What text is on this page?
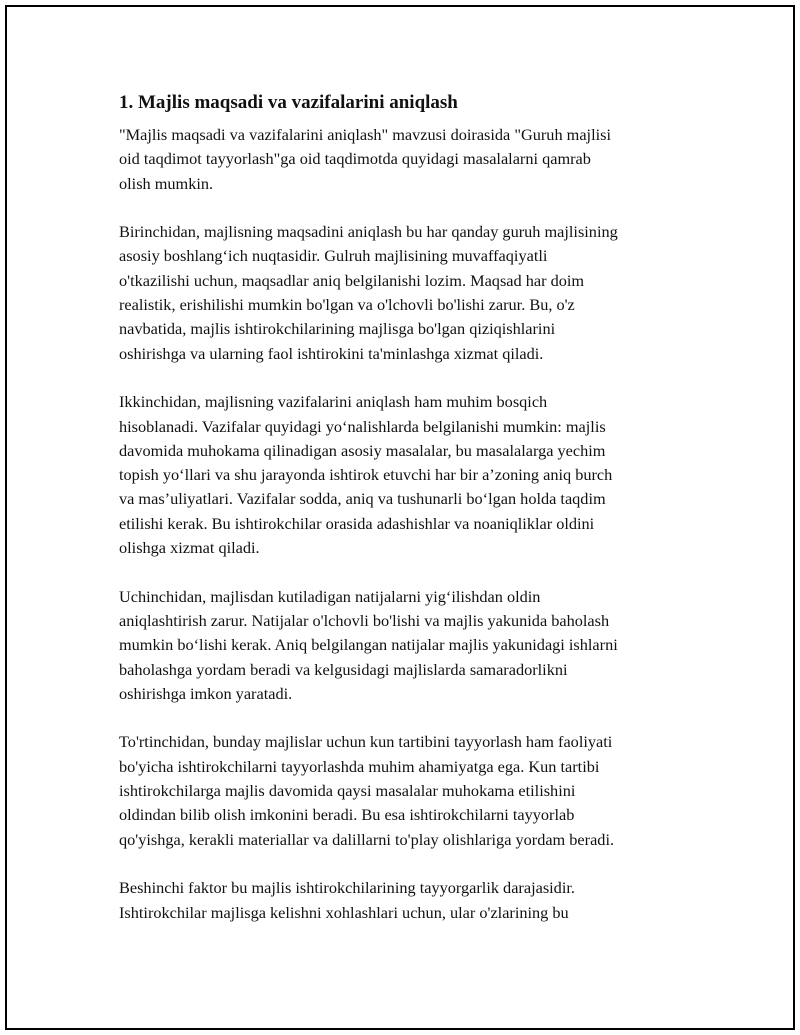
1. Majlis maqsadi va vazifalarini aniqlash

"Majlis maqsadi va vazifalarini aniqlash" mavzusi doirasida "Guruh majlisi
oid taqdimot tayyorlash"ga oid taqdimotda quyidagi masalalarni qamrab
olish mumkin.

Birinchidan, majlisning maqsadini aniqlash bu har qanday guruh majlisining
asosiy boshlang‘ich nuqtasidir. Gulruh majlisining muvaffaqiyatli
o'tkazilishi uchun, maqsadlar aniq belgilanishi lozim. Maqsad har doim
realistik, erishilishi mumkin bo'lgan va o'lchovli bo'lishi zarur. Bu, o'z
navbatida, majlis ishtirokchilarining majlisga bo'lgan qiziqishlarini
oshirishga va ularning faol ishtirokini ta'minlashga xizmat qiladi.

Ikkinchidan, majlisning vazifalarini aniqlash ham muhim bosqich
hisoblanadi. Vazifalar quyidagi yo‘nalishlarda belgilanishi mumkin: majlis
davomida muhokama qilinadigan asosiy masalalar, bu masalalarga yechim
topish yo‘llari va shu jarayonda ishtirok etuvchi har bir a’zoning aniq burch
va mas’uliyatlari. Vazifalar sodda, aniq va tushunarli bo‘lgan holda taqdim
etilishi kerak. Bu ishtirokchilar orasida adashishlar va noaniqliklar oldini
olishga xizmat qiladi.

Uchinchidan, majlisdan kutiladigan natijalarni yig‘ilishdan oldin
aniqlashtirish zarur. Natijalar o'lchovli bo'lishi va majlis yakunida baholash
mumkin bo‘lishi kerak. Aniq belgilangan natijalar majlis yakunidagi ishlarni
baholashga yordam beradi va kelgusidagi majlislarda samaradorlikni
oshirishga imkon yaratadi.

To'rtinchidan, bunday majlislar uchun kun tartibini tayyorlash ham faoliyati
bo'yicha ishtirokchilarni tayyorlashda muhim ahamiyatga ega. Kun tartibi
ishtirokchilarga majlis davomida qaysi masalalar muhokama etilishini
oldindan bilib olish imkonini beradi. Bu esa ishtirokchilarni tayyorlab
qo'yishga, kerakli materiallar va dalillarni to'play olishlariga yordam beradi.

Beshinchi faktor bu majlis ishtirokchilarining tayyorgarlik darajasidir.
Ishtirokchilar majlisga kelishni xohlashlari uchun, ular o'zlarining bu
